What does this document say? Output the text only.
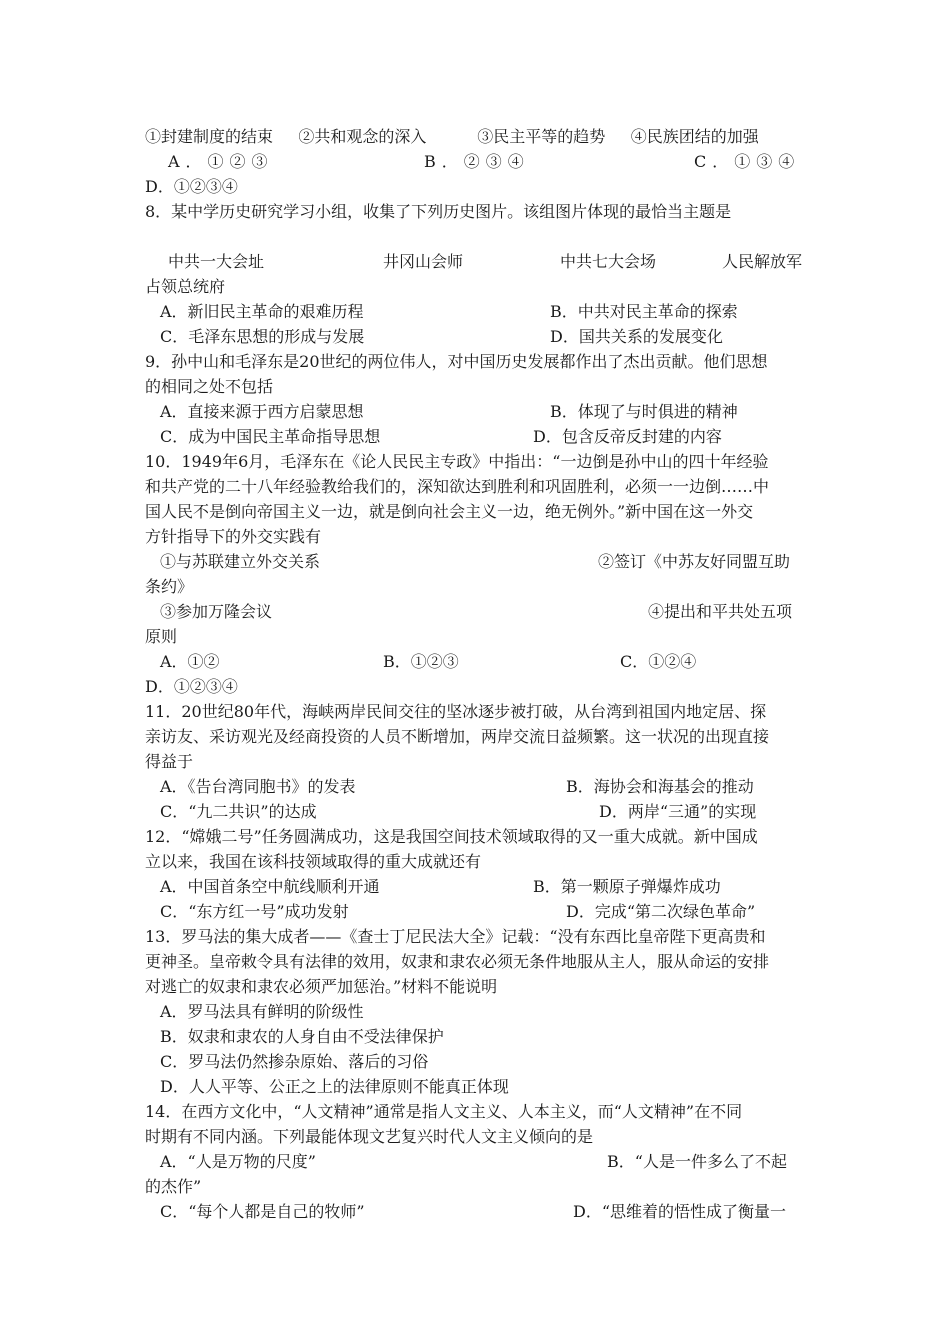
①封建制度的结束     ②共和观念的深入          ③民主平等的趋势     ④民族团结的加强
A．①②③	B．②③④	C．①③④
D．①②③④
8．某中学历史研究学习小组，收集了下列历史图片。该组图片体现的最恰当主题是
中共一大会址	井冈山会师	中共七大会场	人民解放军
占领总统府
A．新旧民主革命的艰难历程	B．中共对民主革命的探索
C．毛泽东思想的形成与发展	D．国共关系的发展变化
9．孙中山和毛泽东是20世纪的两位伟人，对中国历史发展都作出了杰出贡献。他们思想
的相同之处不包括
A．直接来源于西方启蒙思想	B．体现了与时俱进的精神
C．成为中国民主革命指导思想	D．包含反帝反封建的内容
10．1949年6月，毛泽东在《论人民民主专政》中指出：“一边倒是孙中山的四十年经验
和共产党的二十八年经验教给我们的，深知欲达到胜利和巩固胜利，必须一一边倒……中
国人民不是倒向帝国主义一边，就是倒向社会主义一边，绝无例外。”新中国在这一外交
方针指导下的外交实践有
①与苏联建立外交关系	②签订《中苏友好同盟互助
条约》
③参加万隆会议	④提出和平共处五项
原则
A．①②	B．①②③	C．①②④
D．①②③④
11．20世纪80年代，海峡两岸民间交往的坚冰逐步被打破，从台湾到祖国内地定居、探
亲访友、采访观光及经商投资的人员不断增加，两岸交流日益频繁。这一状况的出现直接
得益于
A．《告台湾同胞书》的发表	B．海协会和海基会的推动
C．“九二共识”的达成	D．两岸“三通”的实现
12．“嫦娥二号”任务圆满成功，这是我国空间技术领域取得的又一重大成就。新中国成
立以来，我国在该科技领域取得的重大成就还有
A．中国首条空中航线顺利开通	B．第一颗原子弹爆炸成功
C．“东方红一号”成功发射	D．完成“第二次绿色革命”
13．罗马法的集大成者——《查士丁尼民法大全》记载：“没有东西比皇帝陛下更高贵和
更神圣。皇帝敕令具有法律的效用，奴隶和隶农必须无条件地服从主人，服从命运的安排
对逃亡的奴隶和隶农必须严加惩治。”材料不能说明
A．罗马法具有鲜明的阶级性
B．奴隶和隶农的人身自由不受法律保护
C．罗马法仍然掺杂原始、落后的习俗
D．人人平等、公正之上的法律原则不能真正体现
14．在西方文化中，“人文精神”通常是指人文主义、人本主义，而“人文精神”在不同
时期有不同内涵。下列最能体现文艺复兴时代人文主义倾向的是
A．“人是万物的尺度”	B．“人是一件多么了不起
的杰作”
C．“每个人都是自己的牧师”	D．“思维着的悟性成了衡量一
